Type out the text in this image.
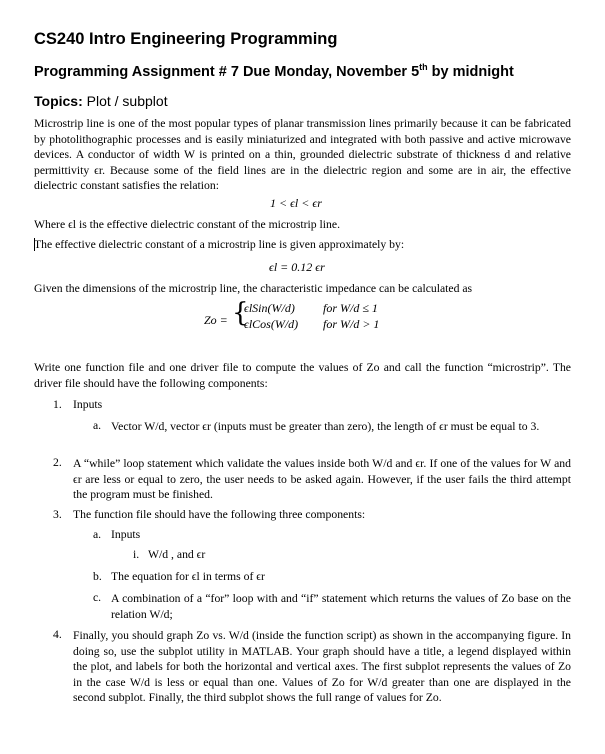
CS240 Intro Engineering Programming
Programming Assignment # 7 Due Monday, November 5th by midnight
Topics: Plot / subplot
Microstrip line is one of the most popular types of planar transmission lines primarily because it can be fabricated by photolithographic processes and is easily miniaturized and integrated with both passive and active microwave devices. A conductor of width W is printed on a thin, grounded dielectric substrate of thickness d and relative permittivity ϵr. Because some of the field lines are in the dielectric region and some are in air, the effective dielectric constant satisfies the relation:
1 < ϵl < ϵr
Where ϵl is the effective dielectric constant of the microstrip line.
The effective dielectric constant of a microstrip line is given approximately by:
ϵl = 0.12 ϵr
Given the dimensions of the microstrip line, the characteristic impedance can be calculated as
Zo = {
ϵlSin(W/d) for W/d ≤ 1
ϵlCos(W/d) for W/d > 1
Write one function file and one driver file to compute the values of Zo and call the function “microstrip”. The driver file should have the following components:
1. Inputs
a. Vector W/d, vector ϵr (inputs must be greater than zero), the length of ϵr must be equal to 3.
2. A “while” loop statement which validate the values inside both W/d and ϵr. If one of the values for W and ϵr are less or equal to zero, the user needs to be asked again. However, if the user fails the third attempt the program must be finished.
3. The function file should have the following three components:
a. Inputs
i. W/d , and ϵr
b. The equation for ϵl in terms of ϵr
c. A combination of a “for” loop with and “if” statement which returns the values of Zo base on the relation W/d;
4. Finally, you should graph Zo vs. W/d (inside the function script) as shown in the accompanying figure. In doing so, use the subplot utility in MATLAB. Your graph should have a title, a legend displayed within the plot, and labels for both the horizontal and vertical axes. The first subplot represents the values of Zo in the case W/d is less or equal than one. Values of Zo for W/d greater than one are displayed in the second subplot. Finally, the third subplot shows the full range of values for Zo.
